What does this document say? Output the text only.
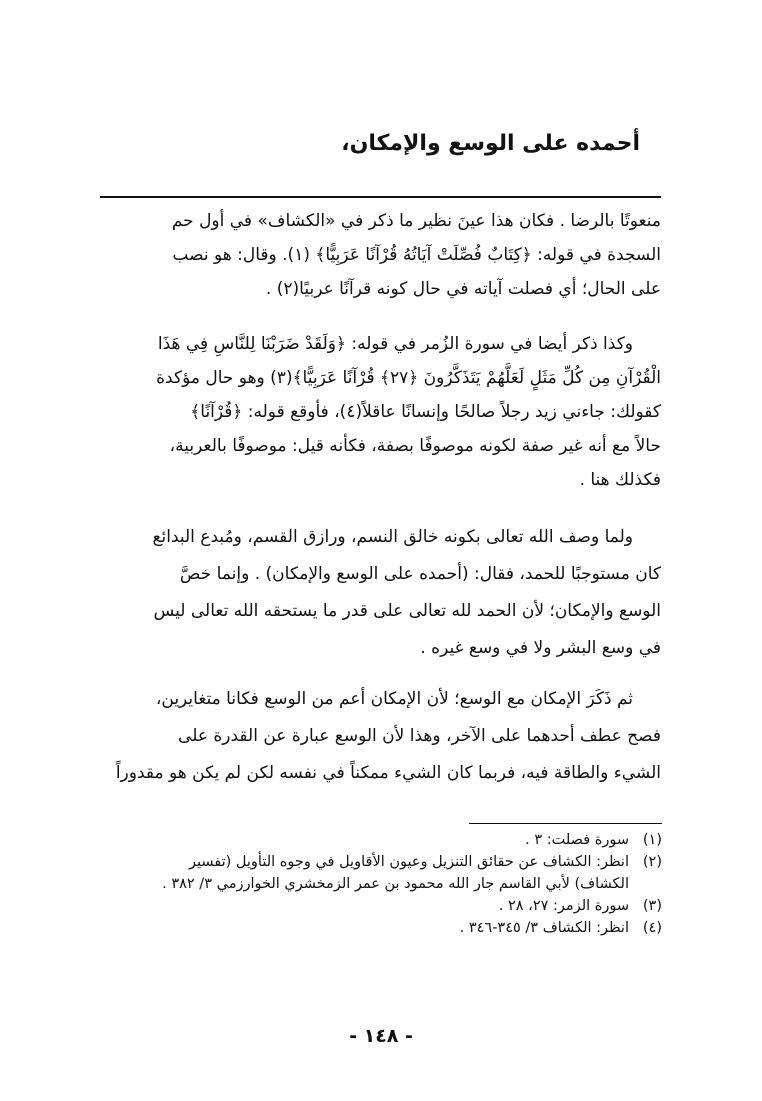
أحمده على الوسع والإمكان،

منعوتًا بالرضا . فكان هذا عينَ نظير ما ذكر في «الكشاف» في أول حم
السجدة في قوله: ﴿كِتَابٌ فُصِّلَتْ آيَاتُهُ قُرْآنًا عَرَبِيًّا﴾ (١). وقال: هو نصب
على الحال؛ أي فصلت آياته في حال كونه قرآنًا عربيًا(٢) .

وكذا ذكر أيضا في سورة الزُمر في قوله: ﴿وَلَقَدْ ضَرَبْنَا لِلنَّاسِ فِي هَذَا
الْقُرْآنِ مِن كُلِّ مَثَلٍ لَعَلَّهُمْ يَتَذَكَّرُونَ ﴿٢٧﴾ قُرْآنًا عَرَبِيًّا﴾(٣) وهو حال مؤكدة
كقولك: جاءني زيد رجلاً صالحًا وإنسانًا عاقلاً(٤)، فأوقع قوله: ﴿قُرْآنًا﴾
حالاً مع أنه غير صفة لكونه موصوفًا بصفة، فكأنه قيل: موصوفًا بالعربية،
فكذلك هنا .

ولما وصف الله تعالى بكونه خالق النسم، ورازق القسم، ومُبدع البدائع
كان مستوجبًا للحمد، فقال: (أحمده على الوسع والإمكان) . وإنما خصَّ
الوسع والإمكان؛ لأن الحمد لله تعالى على قدر ما يستحقه الله تعالى ليس
في وسع البشر ولا في وسع غيره .

ثم ذَكَرَ الإمكان مع الوسع؛ لأن الإمكان أعم من الوسع فكانا متغايرين،
فصح عطف أحدهما على الآخر، وهذا لأن الوسع عبارة عن القدرة على
الشيء والطاقة فيه، فربما كان الشيء ممكناً في نفسه لكن لم يكن هو مقدوراً

(١)
سورة فصلت: ٣ .
(٢)
انظر: الكشاف عن حقائق التنزيل وعيون الأقاويل في وجوه التأويل (تفسير
الكشاف) لأبي القاسم جار الله محمود بن عمر الزمخشري الخوارزمي ٣/ ٣٨٢ .
(٣)
سورة الزمر: ٢٧، ٢٨ .
(٤)
انظر: الكشاف ٣/ ٣٤٥-٣٤٦ .
- ١٤٨ -
